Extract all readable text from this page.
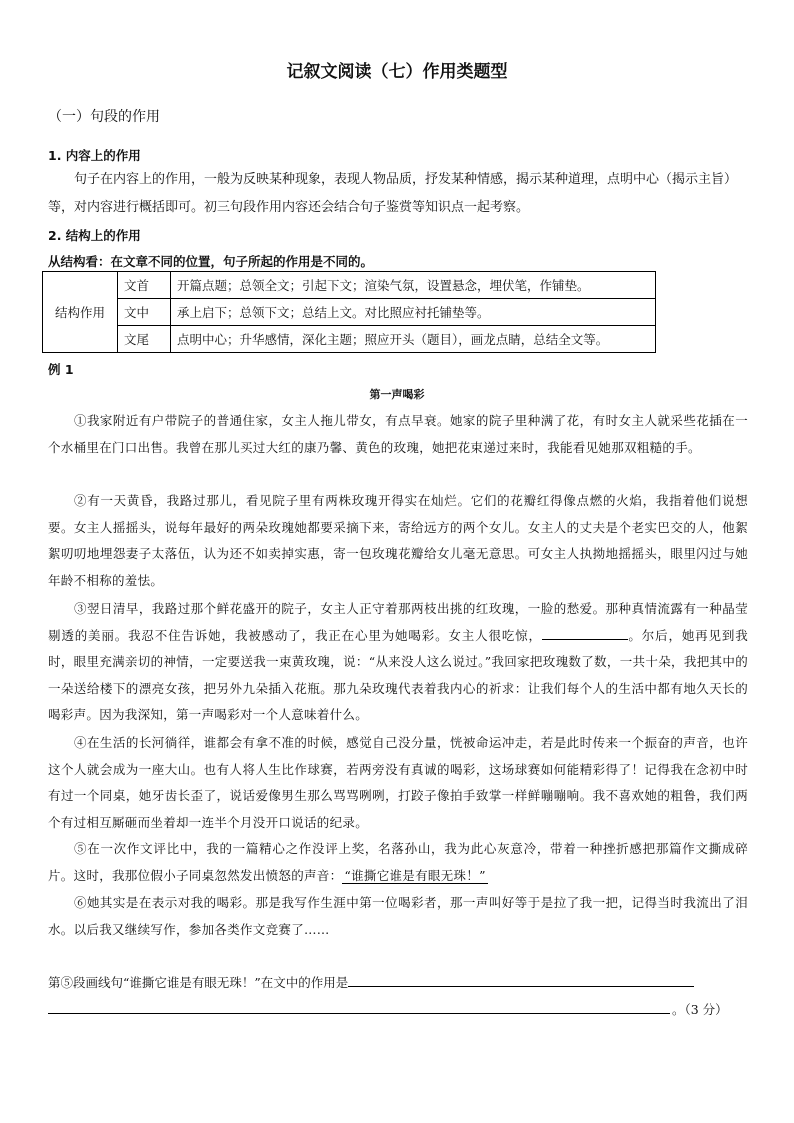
记叙文阅读（七）作用类题型
（一）句段的作用
1. 内容上的作用
句子在内容上的作用，一般为反映某种现象，表现人物品质，抒发某种情感，揭示某种道理，点明中心（揭示主旨）等，对内容进行概括即可。初三句段作用内容还会结合句子鉴赏等知识点一起考察。
2. 结构上的作用
从结构看：在文章不同的位置，句子所起的作用是不同的。
结构作用	文首	开篇点题；总领全文；引起下文；渲染气氛，设置悬念，埋伏笔，作铺垫。
	文中	承上启下；总领下文；总结上文。对比照应衬托铺垫等。
	文尾	点明中心；升华感情，深化主题；照应开头（题目），画龙点睛，总结全文等。
例 1
第一声喝彩

①我家附近有户带院子的普通住家，女主人拖儿带女，有点早衰。她家的院子里种满了花，有时女主人就采些花插在一个水桶里在门口出售。我曾在那儿买过大红的康乃馨、黄色的玫瑰，她把花束递过来时，我能看见她那双粗糙的手。

②有一天黄昏，我路过那儿，看见院子里有两株玫瑰开得实在灿烂。它们的花瓣红得像点燃的火焰，我指着他们说想要。女主人摇摇头，说每年最好的两朵玫瑰她都要采摘下来，寄给远方的两个女儿。女主人的丈夫是个老实巴交的人，他絮絮叨叨地埋怨妻子太落伍，认为还不如卖掉实惠，寄一包玫瑰花瓣给女儿毫无意思。可女主人执拗地摇摇头，眼里闪过与她年龄不相称的羞怯。

③翌日清早，我路过那个鲜花盛开的院子，女主人正守着那两枝出挑的红玫瑰，一脸的愁爱。那种真情流露有一种晶莹剔透的美丽。我忍不住告诉她，我被感动了，我正在心里为她喝彩。女主人很吃惊，	。尔后，她再见到我时，眼里充满亲切的神情，一定要送我一束黄玫瑰，说：“从来没人这么说过。”我回家把玫瑰数了数，一共十朵，我把其中的一朵送给楼下的漂亮女孩，把另外九朵插入花瓶。那九朵玫瑰代表着我内心的祈求：让我们每个人的生活中都有地久天长的喝彩声。因为我深知，第一声喝彩对一个人意味着什么。

④在生活的长河徜徉，谁都会有拿不准的时候，感觉自己没分量，恍被命运冲走，若是此时传来一个振奋的声音，也许这个人就会成为一座大山。也有人将人生比作球赛，若两旁没有真诚的喝彩，这场球赛如何能精彩得了！记得我在念初中时有过一个同桌，她牙齿长歪了，说话爱像男生那么骂骂咧咧，打跤子像拍手致掌一样鲜嘣嘣响。我不喜欢她的粗鲁，我们两个有过相互厮砸而坐着却一连半个月没开口说话的纪录。

⑤在一次作文评比中，我的一篇精心之作没评上奖，名落孙山，我为此心灰意冷，带着一种挫折感把那篇作文撕成碎片。这时，我那位假小子同桌忽然发出愤怒的声音： “谁撕它谁是有眼无珠！”

⑥她其实是在表示对我的喝彩。那是我写作生涯中第一位喝彩者，那一声叫好等于是拉了我一把，记得当时我流出了泪水。以后我又继续写作，参加各类作文竞赛了……

第⑤段画线句“谁撕它谁是有眼无珠！”在文中的作用是
。（3 分）
